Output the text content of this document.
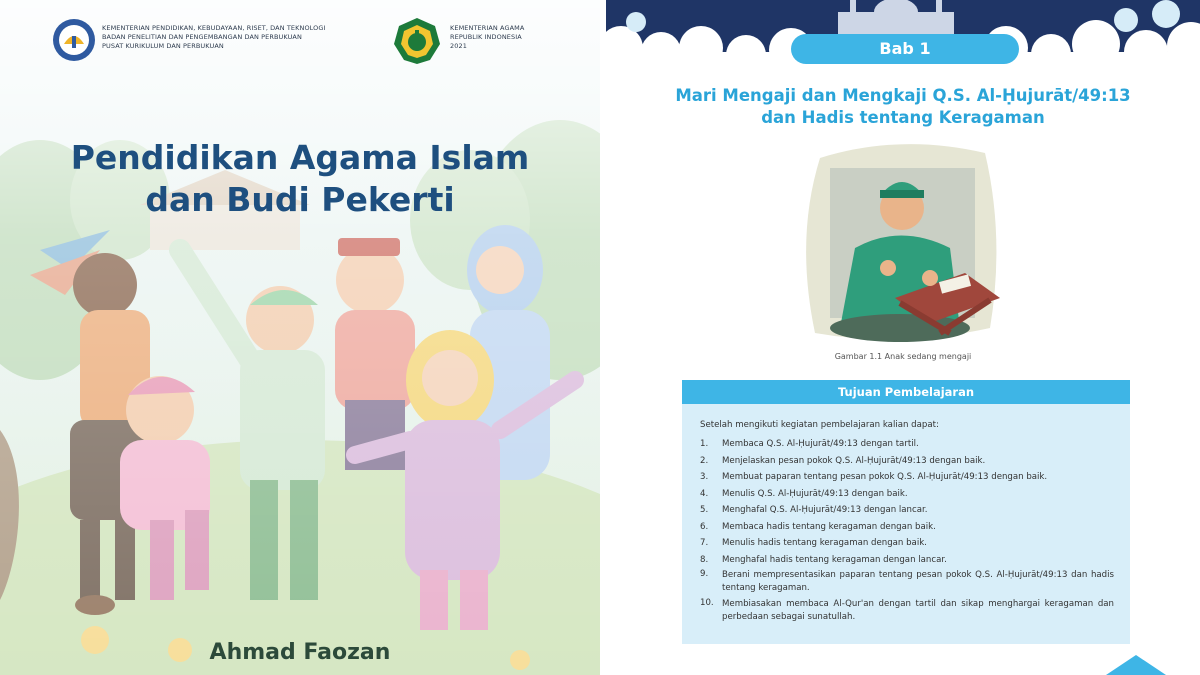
KEMENTERIAN PENDIDIKAN, KEBUDAYAAN, RISET, DAN TEKNOLOGI
BADAN PENELITIAN DAN PENGEMBANGAN DAN PERBUKUAN
PUSAT KURIKULUM DAN PERBUKUAN
KEMENTERIAN AGAMA
REPUBLIK INDONESIA
2021
Pendidikan Agama Islam
dan Budi Pekerti
Ahmad Faozan
Bab 1
Mari Mengaji dan Mengkaji Q.S. Al-Ḥujurāt/49:13
dan Hadis tentang Keragaman
Gambar 1.1 Anak sedang mengaji
Tujuan Pembelajaran
Setelah mengikuti kegiatan pembelajaran kalian dapat:
1. Membaca Q.S. Al-Ḥujurāt/49:13 dengan tartil.
2. Menjelaskan pesan pokok Q.S. Al-Ḥujurāt/49:13 dengan baik.
3. Membuat paparan tentang pesan pokok Q.S. Al-Ḥujurāt/49:13 dengan baik.
4. Menulis Q.S. Al-Ḥujurāt/49:13 dengan baik.
5. Menghafal Q.S. Al-Ḥujurāt/49:13 dengan lancar.
6. Membaca hadis tentang keragaman dengan baik.
7. Menulis hadis tentang keragaman dengan baik.
8. Menghafal hadis tentang keragaman dengan lancar.
9. Berani mempresentasikan paparan tentang pesan pokok Q.S. Al-Ḥujurāt/49:13 dan hadis tentang keragaman.
10. Membiasakan membaca Al-Qur'an dengan tartil dan sikap menghargai keragaman dan perbedaan sebagai sunatullah.
